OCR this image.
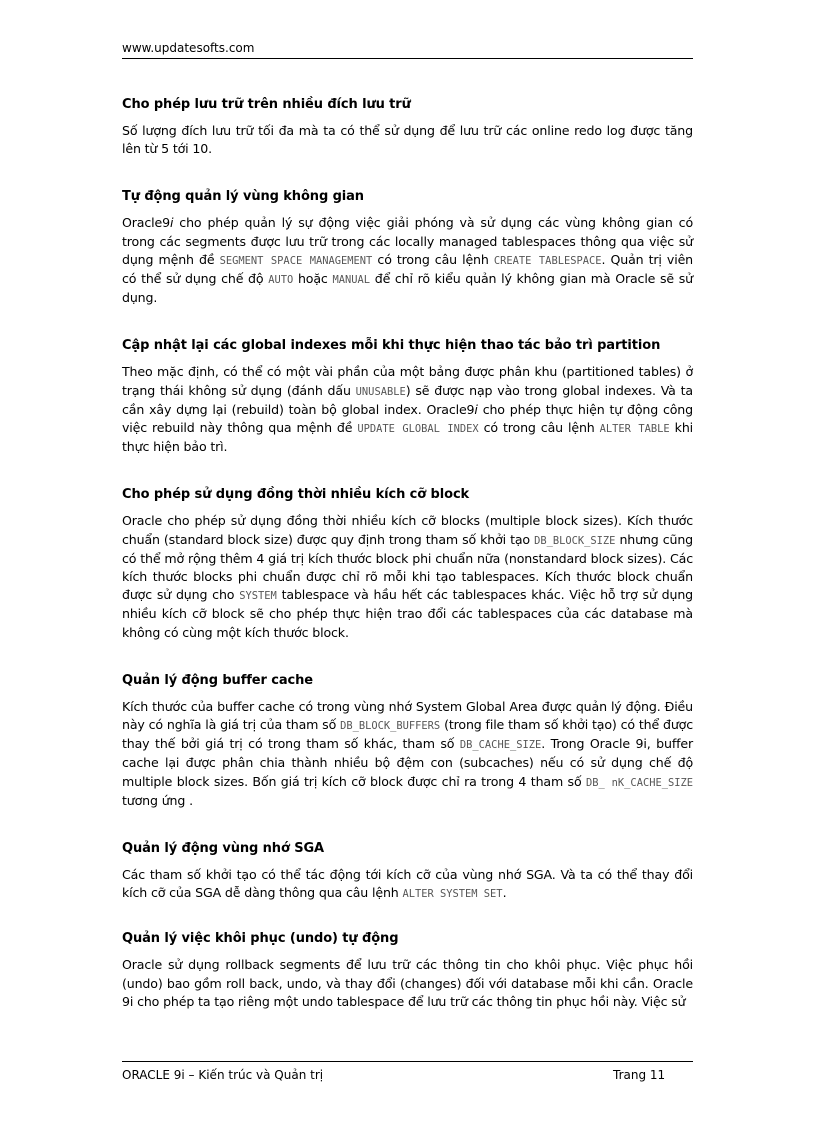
www.updatesofts.com
Cho phép lưu trữ trên nhiều đích lưu trữ

Số lượng đích lưu trữ tối đa mà ta có thể sử dụng để lưu trữ các online redo log được tăng lên từ 5 tới 10.

Tự động quản lý vùng không gian

Oracle9i cho phép quản lý sự động việc giải phóng và sử dụng các vùng không gian có trong các segments được lưu trữ trong các locally managed tablespaces thông qua việc sử dụng mệnh đề SEGMENT SPACE MANAGEMENT có trong câu lệnh CREATE TABLESPACE. Quản trị viên có thể sử dụng chế độ AUTO hoặc MANUAL để chỉ rõ kiểu quản lý không gian mà Oracle sẽ sử dụng.

Cập nhật lại các global indexes mỗi khi thực hiện thao tác bảo trì partition

Theo mặc định, có thể có một vài phần của một bảng được phân khu (partitioned tables) ở trạng thái không sử dụng (đánh dấu UNUSABLE) sẽ được nạp vào trong global indexes. Và ta cần xây dựng lại (rebuild) toàn bộ global index. Oracle9i cho phép thực hiện tự động công việc rebuild này thông qua mệnh đề UPDATE GLOBAL INDEX có trong câu lệnh ALTER TABLE khi thực hiện bảo trì.

Cho phép sử dụng đồng thời nhiều kích cỡ block

Oracle cho phép sử dụng đồng thời nhiều kích cỡ blocks (multiple block sizes). Kích thước chuẩn (standard block size) được quy định trong tham số khởi tạo DB_BLOCK_SIZE nhưng cũng có thể mở rộng thêm 4 giá trị kích thước block phi chuẩn nữa (nonstandard block sizes). Các kích thước blocks phi chuẩn được chỉ rõ mỗi khi tạo tablespaces. Kích thước block chuẩn được sử dụng cho SYSTEM tablespace và hầu hết các tablespaces khác. Việc hỗ trợ sử dụng nhiều kích cỡ block sẽ cho phép thực hiện trao đổi các tablespaces của các database mà không có cùng một kích thước block.

Quản lý động buffer cache

Kích thước của buffer cache có trong vùng nhớ System Global Area được quản lý động. Điều này có nghĩa là giá trị của tham số DB_BLOCK_BUFFERS (trong file tham số khởi tạo) có thể được thay thế bởi giá trị có trong tham số khác, tham số DB_CACHE_SIZE. Trong Oracle 9i, buffer cache lại được phân chia thành nhiều bộ đệm con (subcaches) nếu có sử dụng chế độ multiple block sizes. Bốn giá trị kích cỡ block được chỉ ra trong 4 tham số DB_ nK_CACHE_SIZE tương ứng .

Quản lý động vùng nhớ SGA

Các tham số khởi tạo có thể tác động tới kích cỡ của vùng nhớ SGA. Và ta có thể thay đổi kích cỡ của SGA dễ dàng thông qua câu lệnh ALTER SYSTEM SET.

Quản lý việc khôi phục (undo) tự động

Oracle sử dụng rollback segments để lưu trữ các thông tin cho khôi phục. Việc phục hồi (undo) bao gồm roll back, undo, và thay đổi (changes) đối với database mỗi khi cần. Oracle 9i cho phép ta tạo riêng một undo tablespace để lưu trữ các thông tin phục hồi này. Việc sử

ORACLE 9i – Kiến trúc và Quản trị	Trang 11
